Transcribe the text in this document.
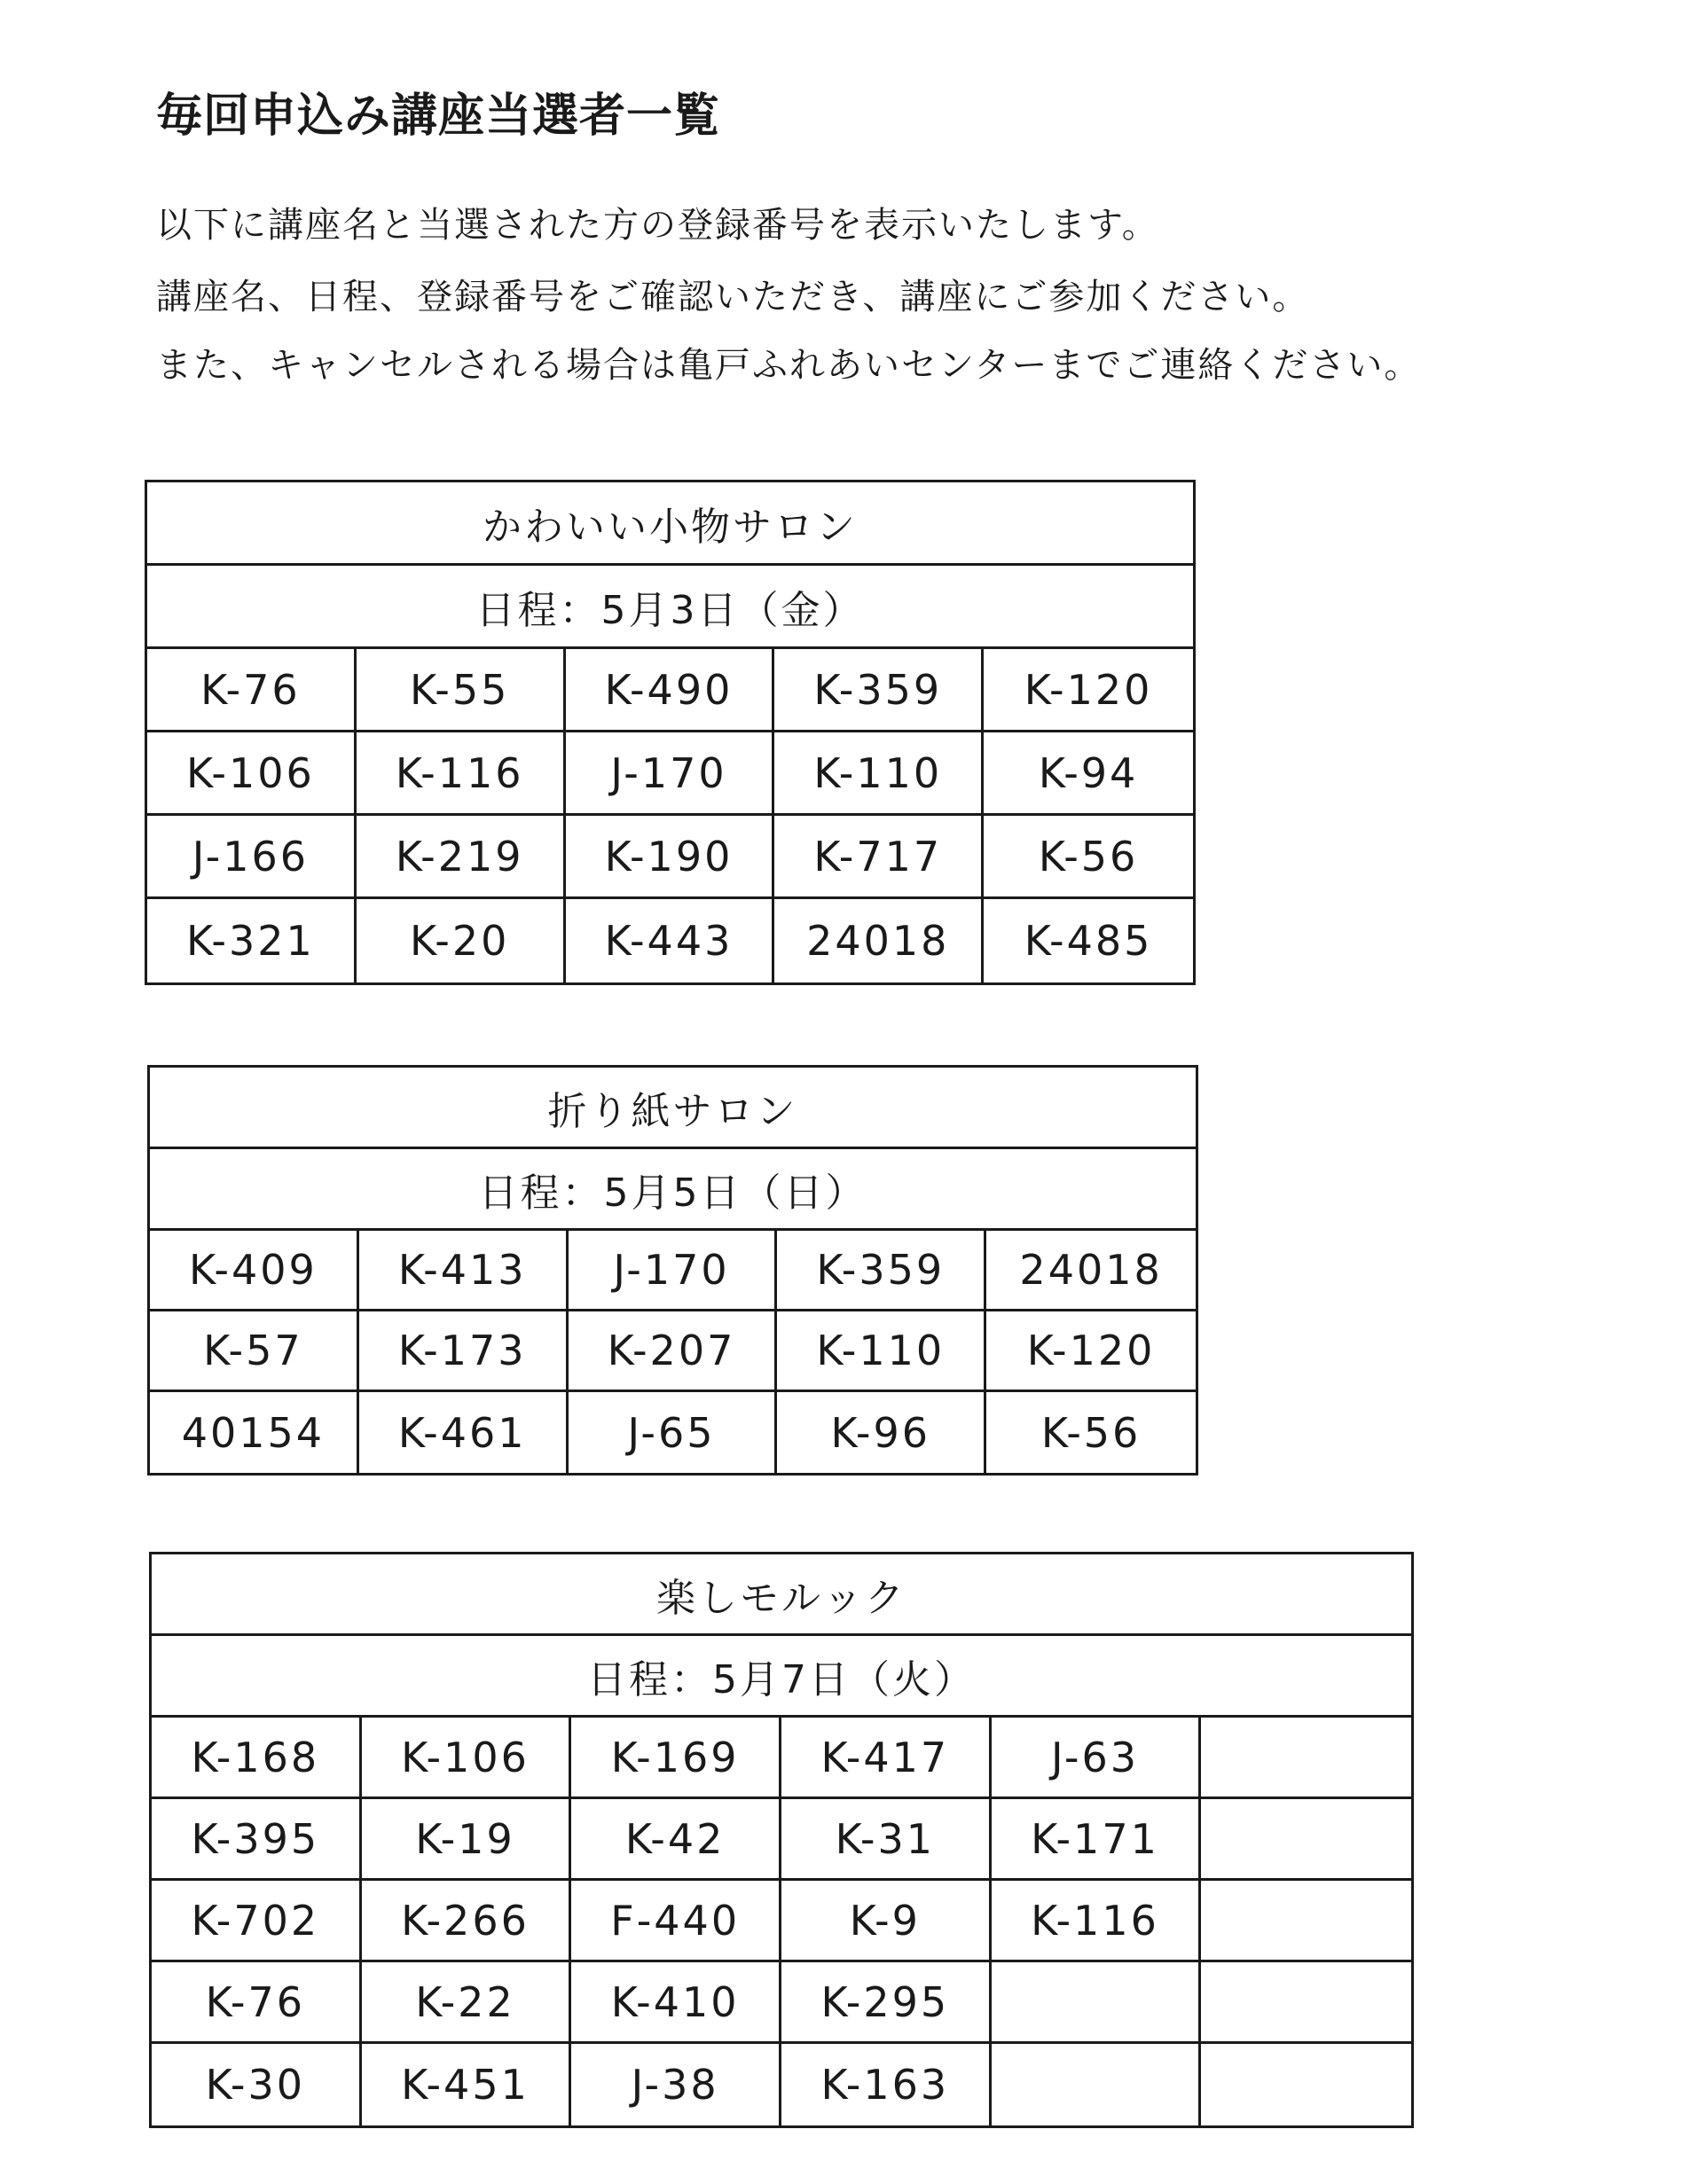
毎回申込み講座当選者一覧

以下に講座名と当選された方の登録番号を表示いたします。

講座名、日程、登録番号をご確認いただき、講座にご参加ください。

また、キャンセルされる場合は亀戸ふれあいセンターまでご連絡ください。

かわいい小物サロン
日程：5月3日（金）
K-76	K-55	K-490	K-359	K-120
K-106	K-116	J-170	K-110	K-94
J-166	K-219	K-190	K-717	K-56
K-321	K-20	K-443	24018	K-485
折り紙サロン
日程：5月5日（日）
K-409	K-413	J-170	K-359	24018
K-57	K-173	K-207	K-110	K-120
40154	K-461	J-65	K-96	K-56
楽しモルック
日程：5月7日（火）
K-168	K-106	K-169	K-417	J-63
K-395	K-19	K-42	K-31	K-171
K-702	K-266	F-440	K-9	K-116
K-76	K-22	K-410	K-295
K-30	K-451	J-38	K-163
